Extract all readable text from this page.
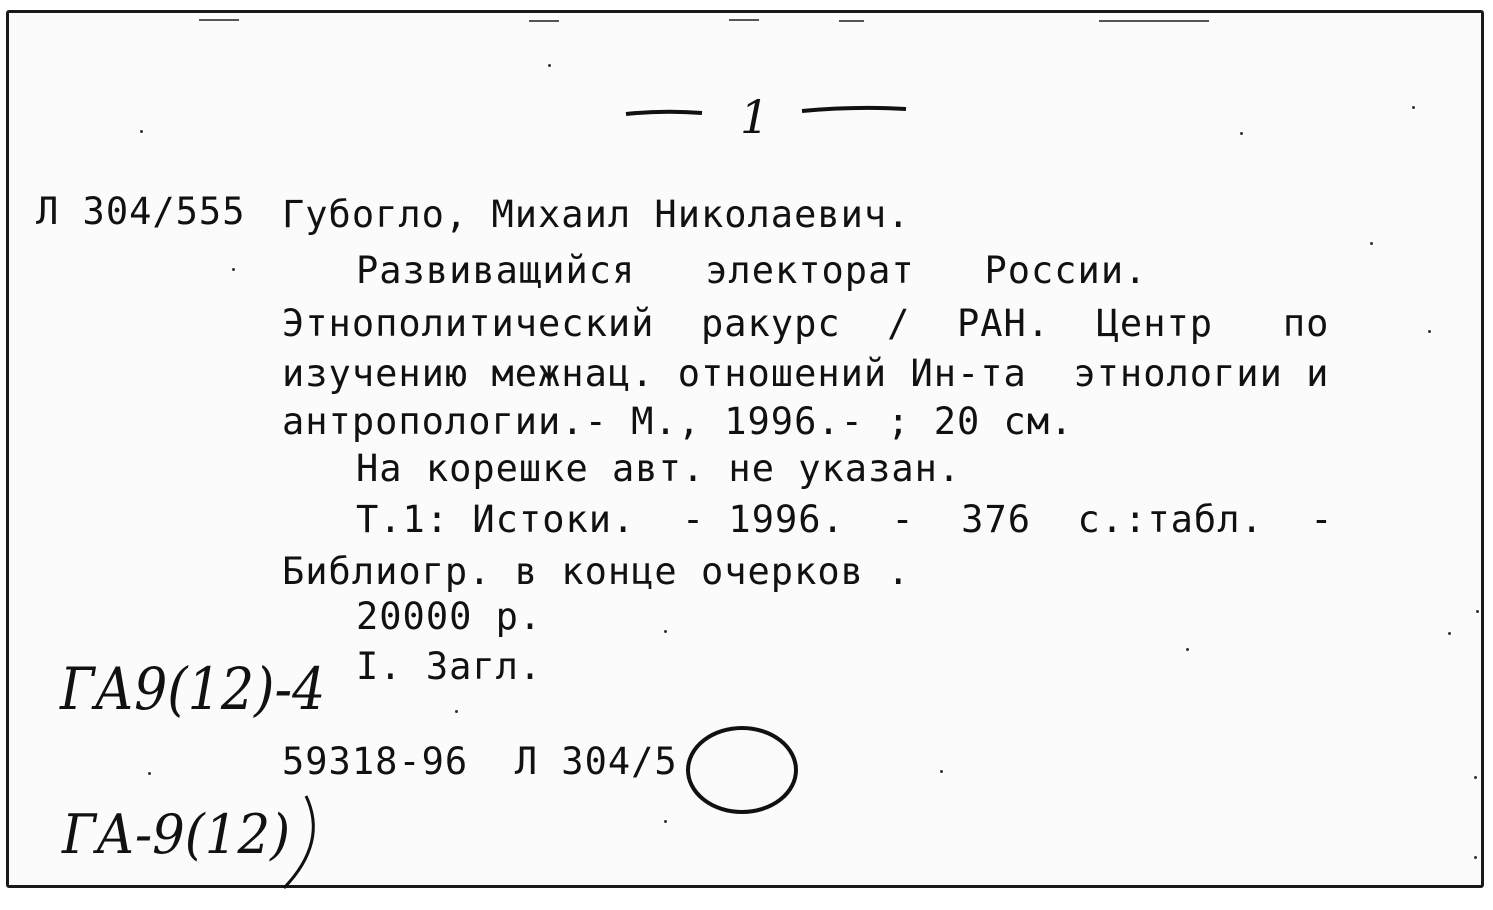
1
Л 304/555 Губогло, Михаил Николаевич.
Развиващийся   электорат   России.
Этнополитический  ракурс  /  РАН.  Центр   по
изучению межнац. отношений Ин-та  этнологии и
антропологии.- М., 1996.- ; 20 см.
На корешке авт. не указан.
Т.1: Истоки.  - 1996.  -  376  с.:табл.  -
Библиогр. в конце очерков .
20000 р.
I. Загл.
59318-96  Л 304/5
ГА9(12)-4
ГА-9(12)
